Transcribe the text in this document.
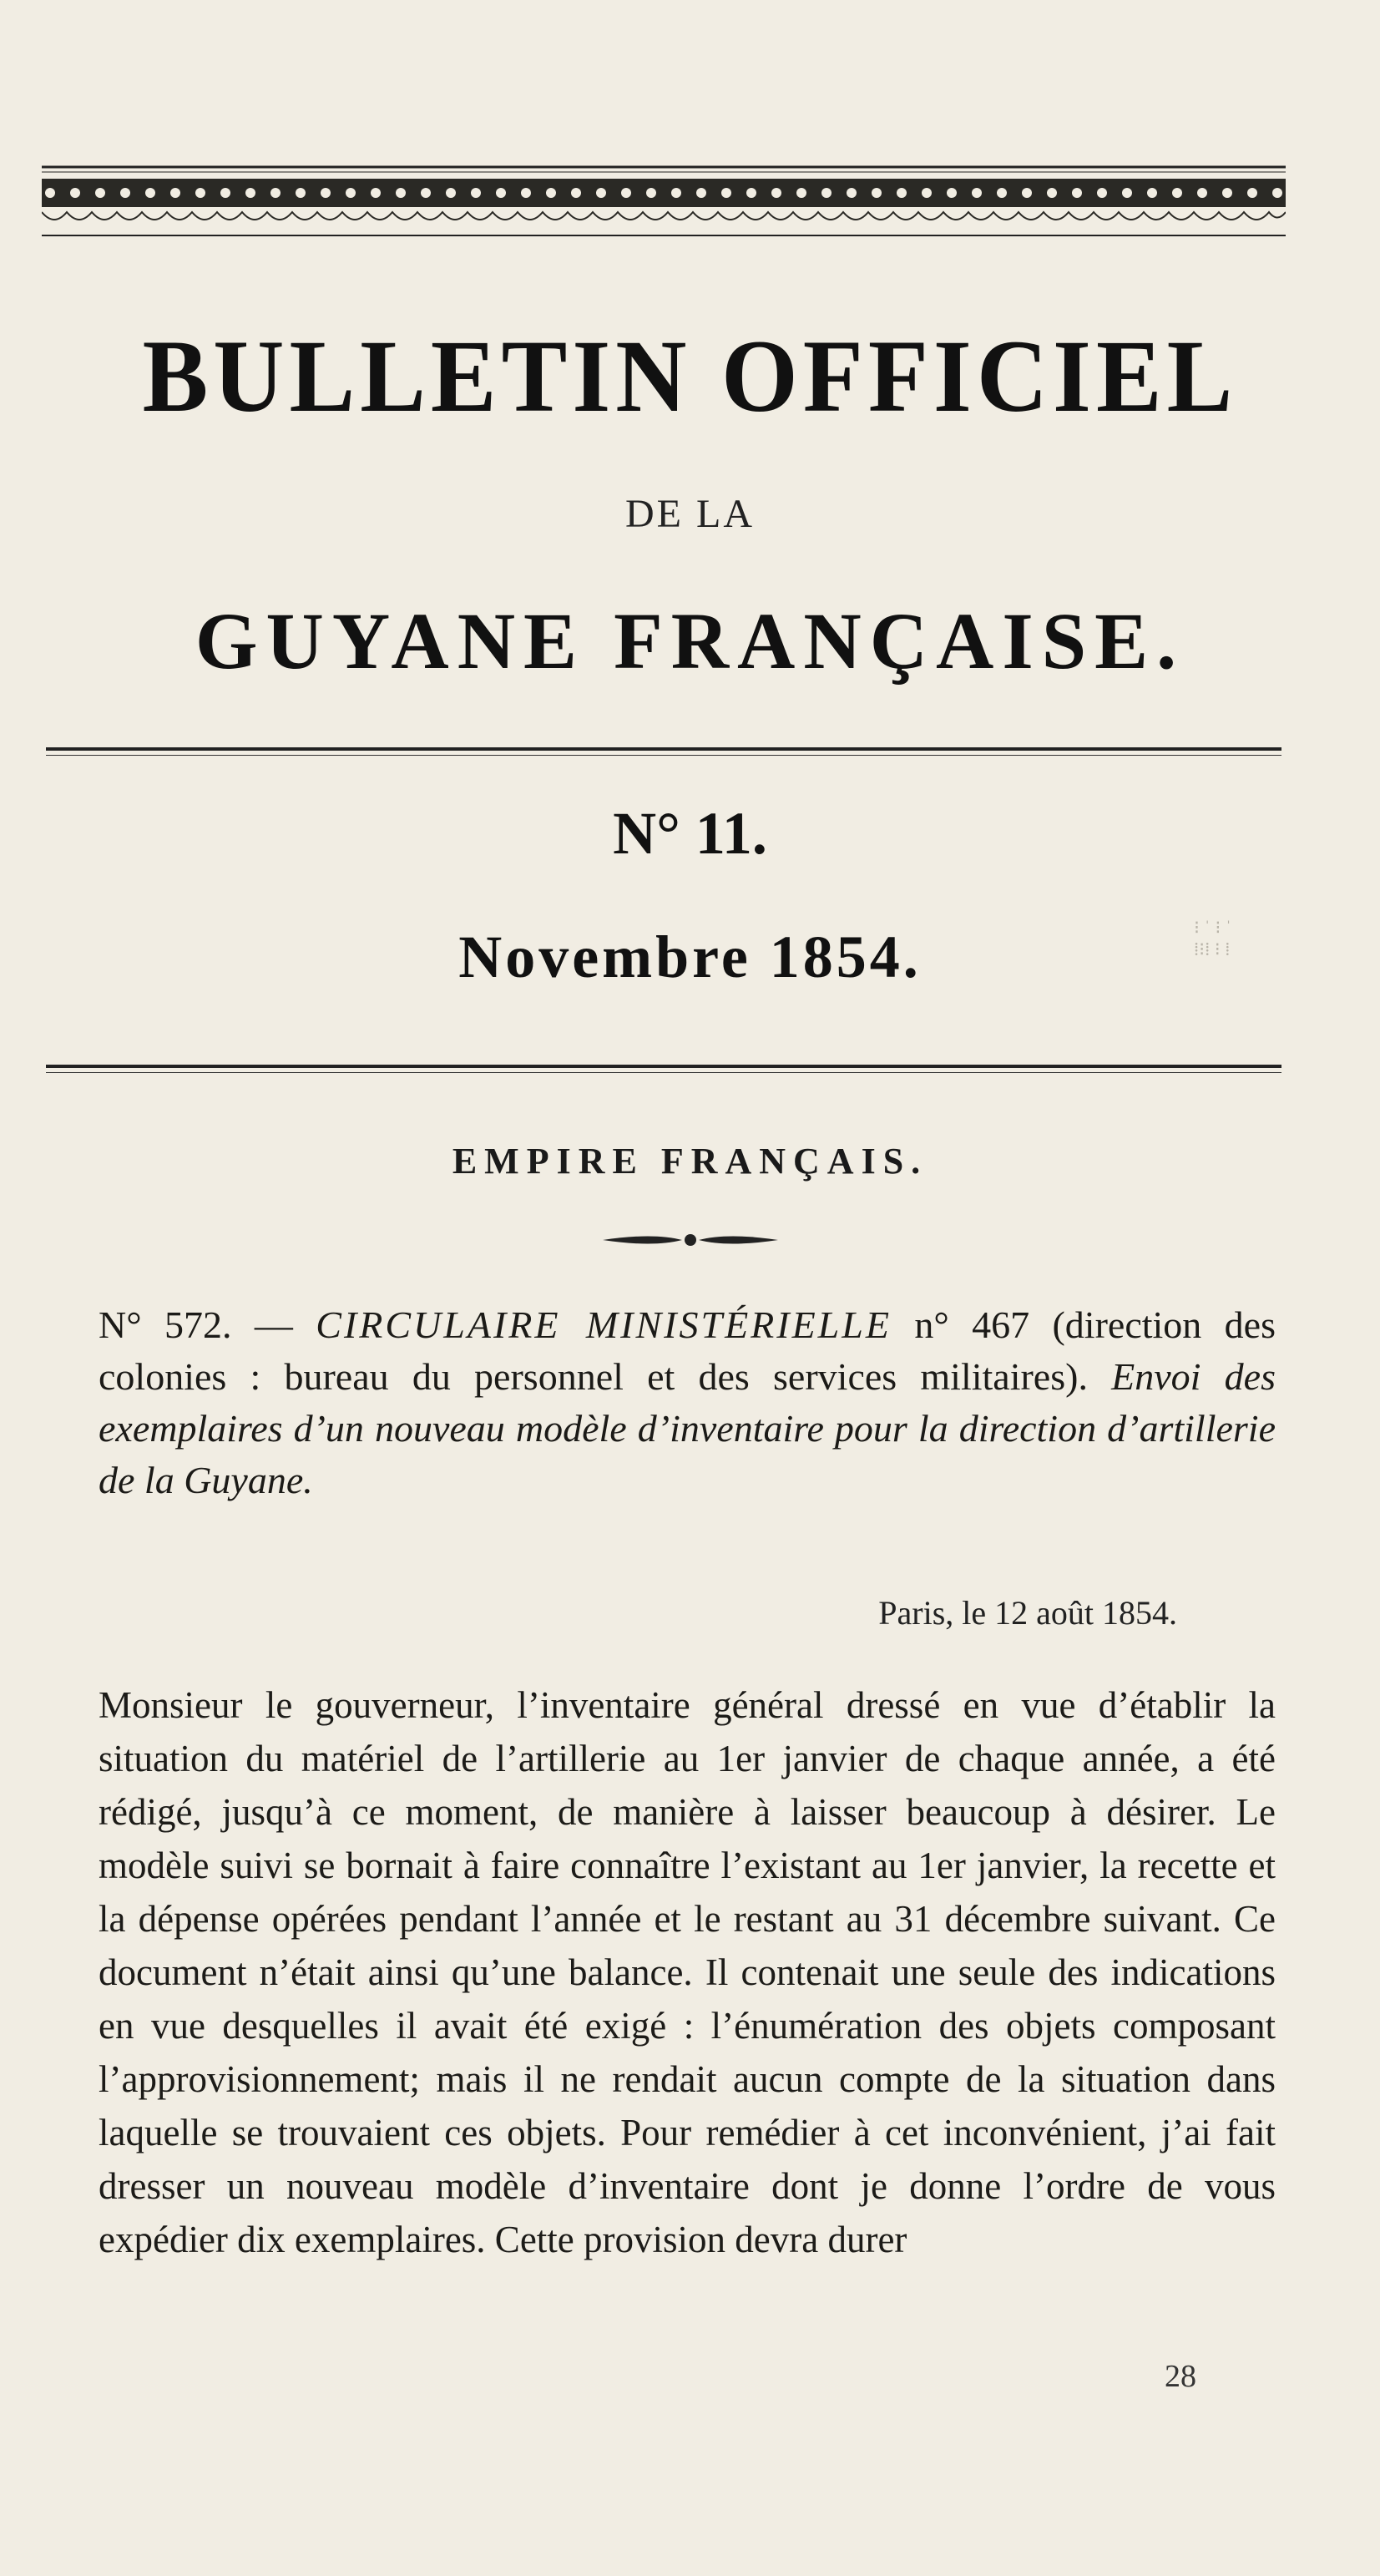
BULLETIN OFFICIEL
DE LA
GUYANE FRANÇAISE.
N° 11.
Novembre 1854.	⁝ ˈ ⁝ ˈ
⁞⁝⁞ ⁝ ⁞
EMPIRE FRANÇAIS.
N° 572. — CIRCULAIRE MINISTÉRIELLE n° 467 (direction des colonies : bureau du personnel et des services militaires). Envoi des exemplaires d’un nouveau modèle d’inventaire pour la direction d’artillerie de la Guyane.
Paris, le 12 août 1854.

Monsieur le gouverneur, l’inventaire général dressé en vue d’établir la situation du matériel de l’artillerie au 1er janvier de chaque année, a été rédigé, jusqu’à ce moment, de manière à laisser beaucoup à désirer. Le modèle suivi se bornait à faire connaître l’existant au 1er janvier, la recette et la dépense opérées pendant l’année et le restant au 31 décembre suivant. Ce document n’était ainsi qu’une balance. Il contenait une seule des indications en vue desquelles il avait été exigé : l’énumération des objets composant l’approvisionnement; mais il ne rendait aucun compte de la situation dans laquelle se trouvaient ces objets. Pour remédier à cet inconvénient, j’ai fait dresser un nouveau modèle d’inventaire dont je donne l’ordre de vous expédier dix exemplaires. Cette provision devra durer

28
